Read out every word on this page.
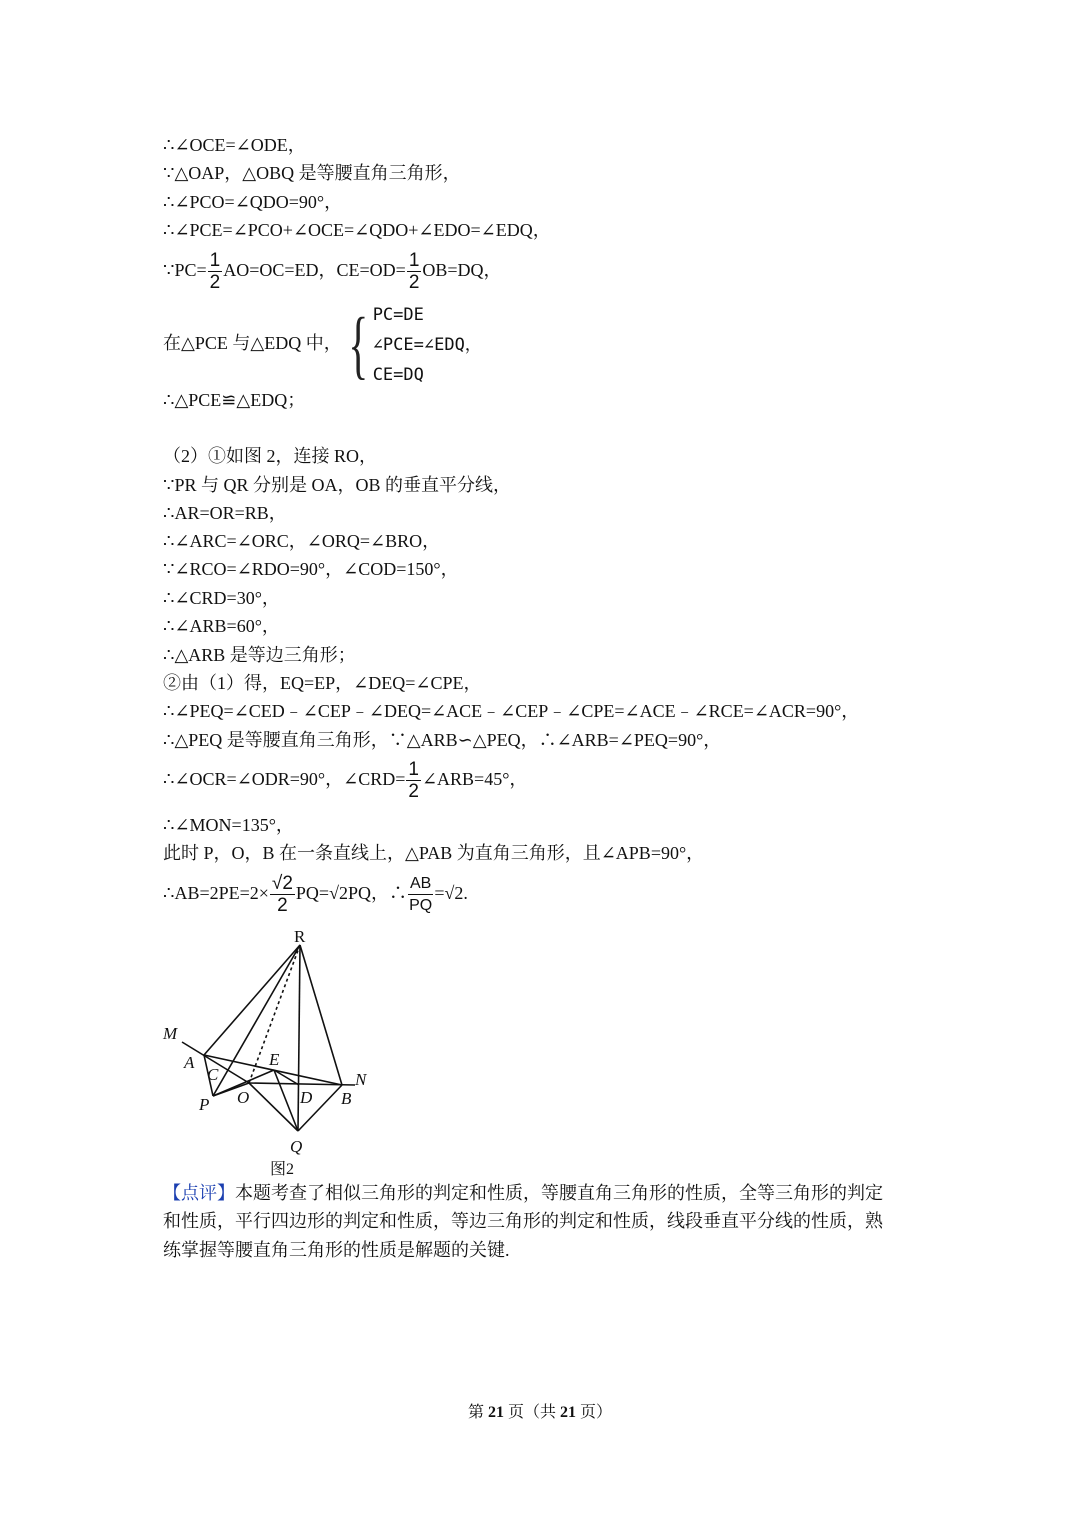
∴∠OCE=∠ODE，
∵△OAP，△OBQ 是等腰直角三角形，
∴∠PCO=∠QDO=90°，
∴∠PCE=∠PCO+∠OCE=∠QDO+∠EDO=∠EDQ，
∵PC= $\frac{1}{2} AO=OC=ED$，$CE=OD= \frac{1}{2} OB=DQ$，
在△PCE 与△EDQ 中， { PC=DE
∠PCE=∠EDQ，
CE=DQ
∴△PCE≌△EDQ；
（2）①如图 2，连接 RO，
∵PR 与 QR 分别是 OA，OB 的垂直平分线，
∴AR=OR=RB，
∴∠ARC=∠ORC，∠ORQ=∠BRO，
∵∠RCO=∠RDO=90°，∠COD=150°，
∴∠CRD=30°，
∴∠ARB=60°，
∴△ARB 是等边三角形；
②由（1）得，EQ=EP，∠DEQ=∠CPE，
∴∠PEQ=∠CED﹣∠CEP﹣∠DEQ=∠ACE﹣∠CEP﹣∠CPE=∠ACE﹣∠RCE=∠ACR=90°，
∴△PEQ 是等腰直角三角形，∵△ARB∽△PEQ，∴∠ARB=∠PEQ=90°，
∴∠OCR=∠ODR=90°，∠CRD= $\frac{1}{2}$ ∠ARB=45°，
∴∠MON=135°，
此时 P，O，B 在一条直线上，△PAB 为直角三角形，且∠APB=90°，
∴AB=2PE=2× $\frac{√2}{2} PQ=√2PQ$，∴ $\frac{AB}{PQ} =√2$.
R
M
A
C
P O
E
D B
N
Q
图2
【点评】本题考查了相似三角形的判定和性质，等腰直角三角形的性质，全等三角形的判定
和性质，平行四边形的判定和性质，等边三角形的判定和性质，线段垂直平分线的性质，熟
练掌握等腰直角三角形的性质是解题的关键.
第 21 页（共 21 页）
